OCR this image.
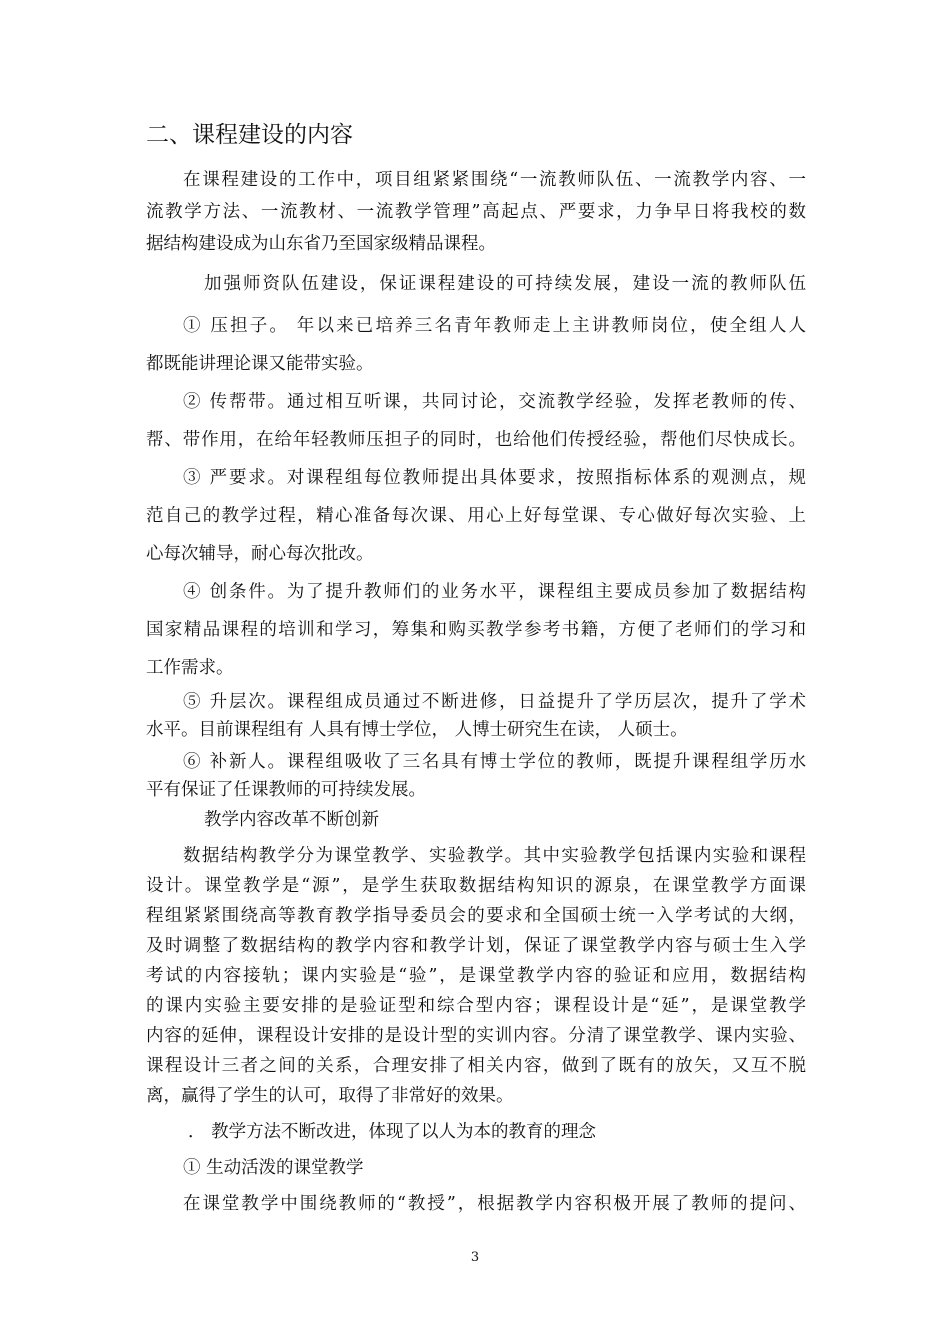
二、课程建设的内容
在课程建设的工作中，项目组紧紧围绕“一流教师队伍、一流教学内容、一
流教学方法、一流教材、一流教学管理”高起点、严要求，力争早日将我校的数
据结构建设成为山东省乃至国家级精品课程。
加强师资队伍建设，保证课程建设的可持续发展，建设一流的教师队伍
① 压担子。 年以来已培养三名青年教师走上主讲教师岗位，使全组人人
都既能讲理论课又能带实验。
② 传帮带。通过相互听课，共同讨论，交流教学经验，发挥老教师的传、
帮、带作用，在给年轻教师压担子的同时，也给他们传授经验，帮他们尽快成长。
③ 严要求。对课程组每位教师提出具体要求，按照指标体系的观测点，规
范自己的教学过程，精心准备每次课、用心上好每堂课、专心做好每次实验、上
心每次辅导，耐心每次批改。
④ 创条件。为了提升教师们的业务水平，课程组主要成员参加了数据结构
国家精品课程的培训和学习，筹集和购买教学参考书籍，方便了老师们的学习和
工作需求。
⑤ 升层次。课程组成员通过不断进修，日益提升了学历层次，提升了学术
水平。目前课程组有 人具有博士学位， 人博士研究生在读， 人硕士。
⑥ 补新人。课程组吸收了三名具有博士学位的教师，既提升课程组学历水
平有保证了任课教师的可持续发展。
教学内容改革不断创新
数据结构教学分为课堂教学、实验教学。其中实验教学包括课内实验和课程
设计。课堂教学是“源”，是学生获取数据结构知识的源泉，在课堂教学方面课
程组紧紧围绕高等教育教学指导委员会的要求和全国硕士统一入学考试的大纲，
及时调整了数据结构的教学内容和教学计划，保证了课堂教学内容与硕士生入学
考试的内容接轨；课内实验是“验”，是课堂教学内容的验证和应用，数据结构
的课内实验主要安排的是验证型和综合型内容；课程设计是“延”，是课堂教学
内容的延伸，课程设计安排的是设计型的实训内容。分清了课堂教学、课内实验、
课程设计三者之间的关系，合理安排了相关内容，做到了既有的放矢，又互不脱
离，赢得了学生的认可，取得了非常好的效果。
． 教学方法不断改进，体现了以人为本的教育的理念
① 生动活泼的课堂教学
在课堂教学中围绕教师的“教授”，根据教学内容积极开展了教师的提问、
3
